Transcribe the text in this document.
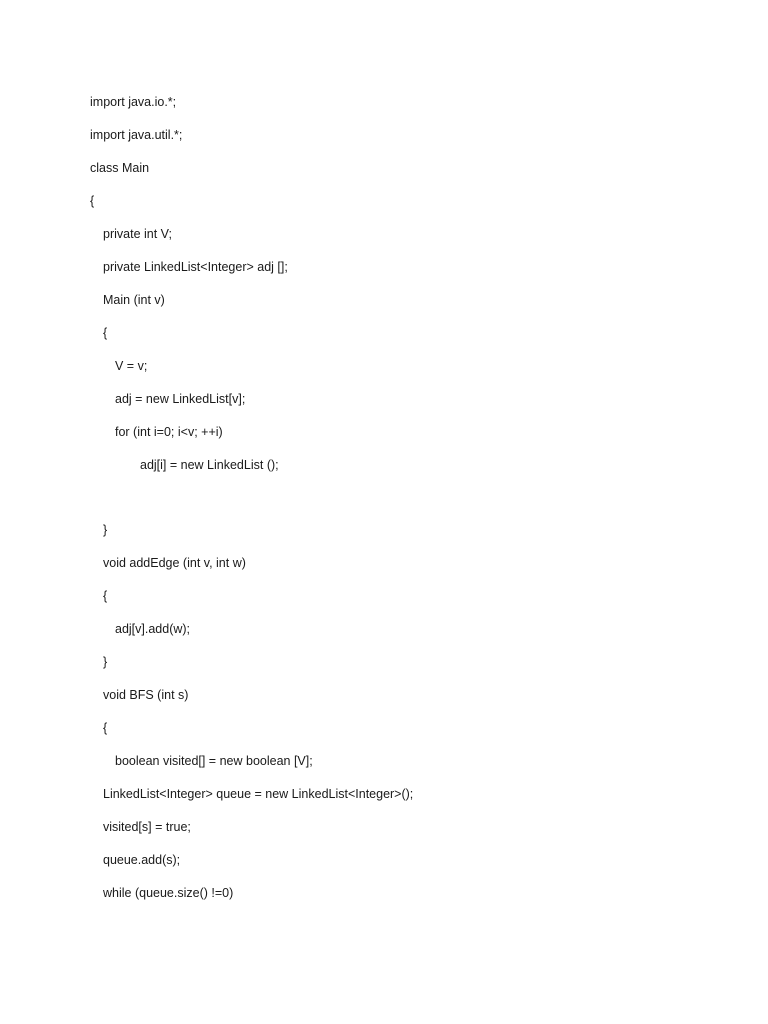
import java.io.*;
import java.util.*;
class Main
{
private int V;
private LinkedList<Integer> adj [];
Main (int v)
{
V = v;
adj = new LinkedList[v];
for (int i=0; i<v; ++i)
adj[i] = new LinkedList ();
}
void addEdge (int v, int w)
{
adj[v].add(w);
}
void BFS (int s)
{
boolean visited[] = new boolean [V];
LinkedList<Integer> queue = new LinkedList<Integer>();
visited[s] = true;
queue.add(s);
while (queue.size() !=0)
